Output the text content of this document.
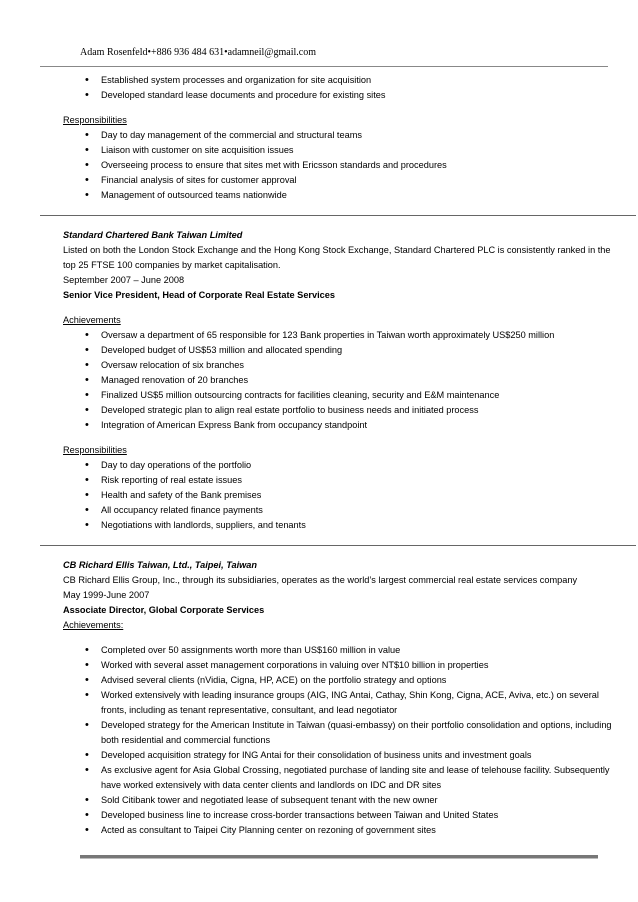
Adam Rosenfeld•+886 936 484 631•adamneil@gmail.com
• Established system processes and organization for site acquisition
• Developed standard lease documents and procedure for existing sites
Responsibilities
• Day to day management of the commercial and structural teams
• Liaison with customer on site acquisition issues
• Overseeing process to ensure that sites met with Ericsson standards and procedures
• Financial analysis of sites for customer approval
• Management of outsourced teams nationwide
Standard Chartered Bank Taiwan Limited
Listed on both the London Stock Exchange and the Hong Kong Stock Exchange, Standard Chartered PLC is consistently ranked in the top 25 FTSE 100 companies by market capitalisation.
September 2007 – June 2008
Senior Vice President, Head of Corporate Real Estate Services
Achievements
• Oversaw a department of 65 responsible for 123 Bank properties in Taiwan worth approximately US$250 million
• Developed budget of US$53 million and allocated spending
• Oversaw relocation of six branches
• Managed renovation of 20 branches
• Finalized US$5 million outsourcing contracts for facilities cleaning, security and E&M maintenance
• Developed strategic plan to align real estate portfolio to business needs and initiated process
• Integration of American Express Bank from occupancy standpoint
Responsibilities
• Day to day operations of the portfolio
• Risk reporting of real estate issues
• Health and safety of the Bank premises
• All occupancy related finance payments
• Negotiations with landlords, suppliers, and tenants
CB Richard Ellis Taiwan, Ltd., Taipei, Taiwan
CB Richard Ellis Group, Inc., through its subsidiaries, operates as the world’s largest commercial real estate services company
May 1999-June 2007
Associate Director, Global Corporate Services
Achievements:
• Completed over 50 assignments worth more than US$160 million in value
• Worked with several asset management corporations in valuing over NT$10 billion in properties
• Advised several clients (nVidia, Cigna, HP, ACE) on the portfolio strategy and options
• Worked extensively with leading insurance groups (AIG, ING Antai, Cathay, Shin Kong, Cigna, ACE, Aviva, etc.) on several fronts, including as tenant representative, consultant, and lead negotiator
• Developed strategy for the American Institute in Taiwan (quasi-embassy) on their portfolio consolidation and options, including both residential and commercial functions
• Developed acquisition strategy for ING Antai for their consolidation of business units and investment goals
• As exclusive agent for Asia Global Crossing, negotiated purchase of landing site and lease of telehouse facility. Subsequently have worked extensively with data center clients and landlords on IDC and DR sites
• Sold Citibank tower and negotiated lease of subsequent tenant with the new owner
• Developed business line to increase cross-border transactions between Taiwan and United States
• Acted as consultant to Taipei City Planning center on rezoning of government sites
